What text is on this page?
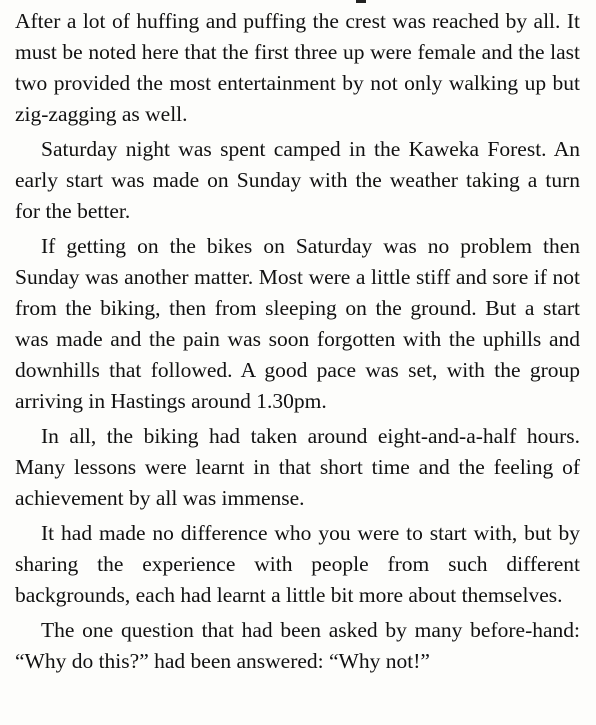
After a lot of huffing and puffing the crest was reached by all. It must be noted here that the first three up were female and the last two provided the most entertainment by not only walking up but zig-zagging as well.

Saturday night was spent camped in the Kaweka Forest. An early start was made on Sunday with the weather taking a turn for the better.

If getting on the bikes on Saturday was no problem then Sunday was another matter. Most were a little stiff and sore if not from the biking, then from sleeping on the ground. But a start was made and the pain was soon forgotten with the uphills and downhills that followed. A good pace was set, with the group arriving in Hastings around 1.30pm.

In all, the biking had taken around eight-and-a-half hours. Many lessons were learnt in that short time and the feeling of achievement by all was immense.

It had made no difference who you were to start with, but by sharing the experience with people from such different backgrounds, each had learnt a little bit more about themselves.

The one question that had been asked by many before-hand: “Why do this?” had been answered: “Why not!”
